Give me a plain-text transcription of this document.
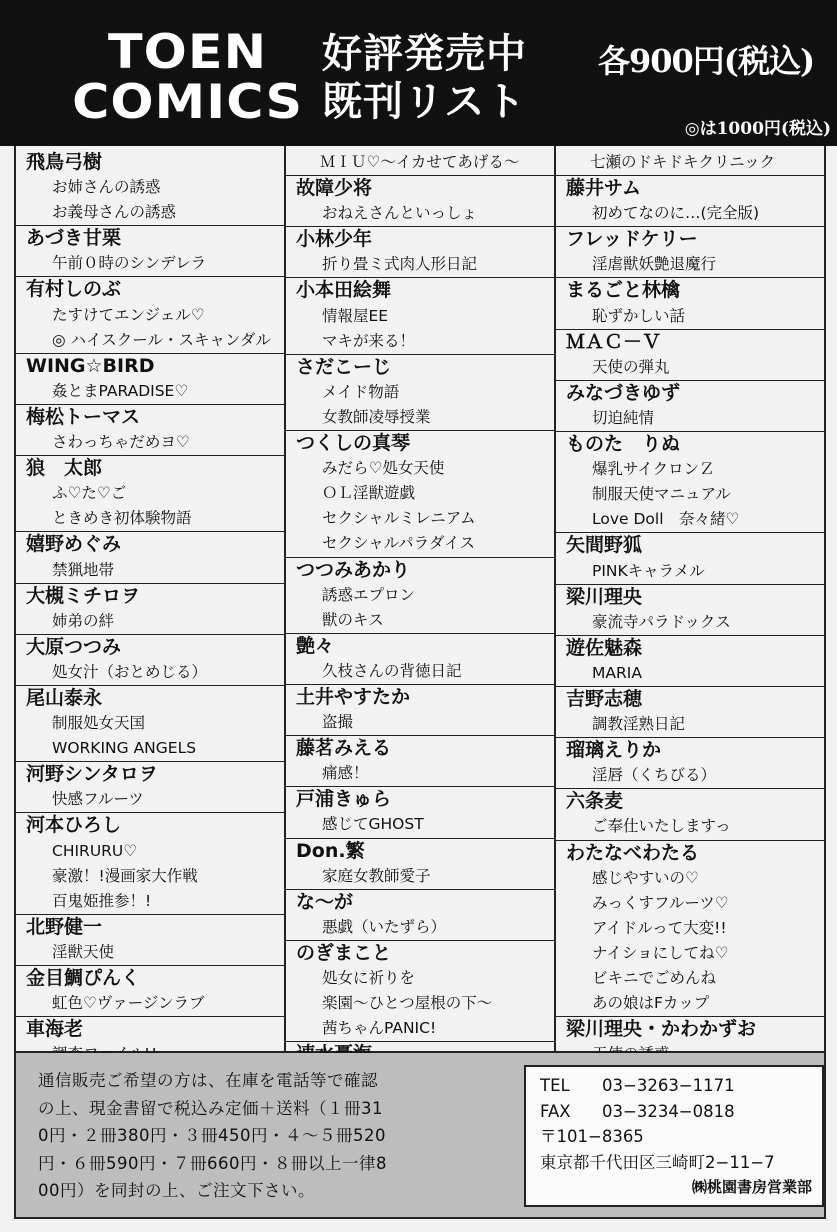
TOEN
COMICS
好評発売中
既刊リスト
各900円(税込)
◎は1000円(税込)
飛鳥弓樹
お姉さんの誘惑
お義母さんの誘惑
あづき甘栗
午前０時のシンデレラ
有村しのぶ
たすけてエンジェル♡
◎ ハイスクール・スキャンダル
WING☆BIRD
姦とまPARADISE♡
梅松トーマス
さわっちゃだめヨ♡
狼　太郎
ふ♡た♡ご
ときめき初体験物語
嬉野めぐみ
禁猟地帯
大槻ミチロヲ
姉弟の絆
大原つつみ
処女汁（おとめじる）
尾山泰永
制服処女天国
WORKING ANGELS
河野シンタロヲ
快感フルーツ
河本ひろし
CHIRURU♡
豪激！!漫画家大作戦
百鬼姫推参！!
北野健一
淫獣天使
金目鯛ぴんく
虹色♡ヴァージンラブ
車海老
ＭＩＵ♡〜イカせてあげる〜
故障少将
おねえさんといっしょ
小林少年
折り畳ミ式肉人形日記
小本田絵舞
情報屋EE
マキが来る！
さだこーじ
メイド物語
女教師凌辱授業
つくしの真琴
みだら♡処女天使
ＯＬ淫獣遊戯
セクシャルミレニアム
セクシャルパラダイス
つつみあかり
誘惑エプロン
獣のキス
艶々
久枝さんの背徳日記
土井やすたか
盗撮
藤茗みえる
痛感！
戸浦きゅら
感じてGHOST
Don.繁
家庭女教師愛子
な〜が
悪戯（いたずら）
のぎまこと
処女に祈りを
楽園〜ひとつ屋根の下〜
茜ちゃんPANIC!
七瀬のドキドキクリニック
藤井サム
初めてなのに…(完全版)
フレッドケリー
淫虐獣妖艶退魔行
まるごと林檎
恥ずかしい話
ＭＡＣ－Ｖ
天使の弾丸
みなづきゆず
切迫純情
ものた　りぬ
爆乳サイクロンＺ
制服天使マニュアル
Love Doll　奈々緒♡
矢間野狐
PINKキャラメル
梁川理央
豪流寺パラドックス
遊佐魅森
MARIA
吉野志穂
調教淫熟日記
瑠璃えりか
淫唇（くちびる）
六条麦
ご奉仕いたしますっ
わたなべわたる
感じやすいの♡
みっくすフルーツ♡
アイドルって大変!!
ナイショにしてね♡
ビキニでごめんね
あの娘はFカップ
梁川理央・かわかずお
通信販売ご希望の方は、在庫を電話等で確認
の上、現金書留で税込み定価＋送料（１冊31
0円・２冊380円・３冊450円・４〜５冊520
円・６冊590円・７冊660円・８冊以上一律8
00円）を同封の上、ご注文下さい。
TEL 03−3263−1171
FAX 03−3234−0818
〒101−8365
東京都千代田区三崎町2−11−7
㈱桃園書房営業部
